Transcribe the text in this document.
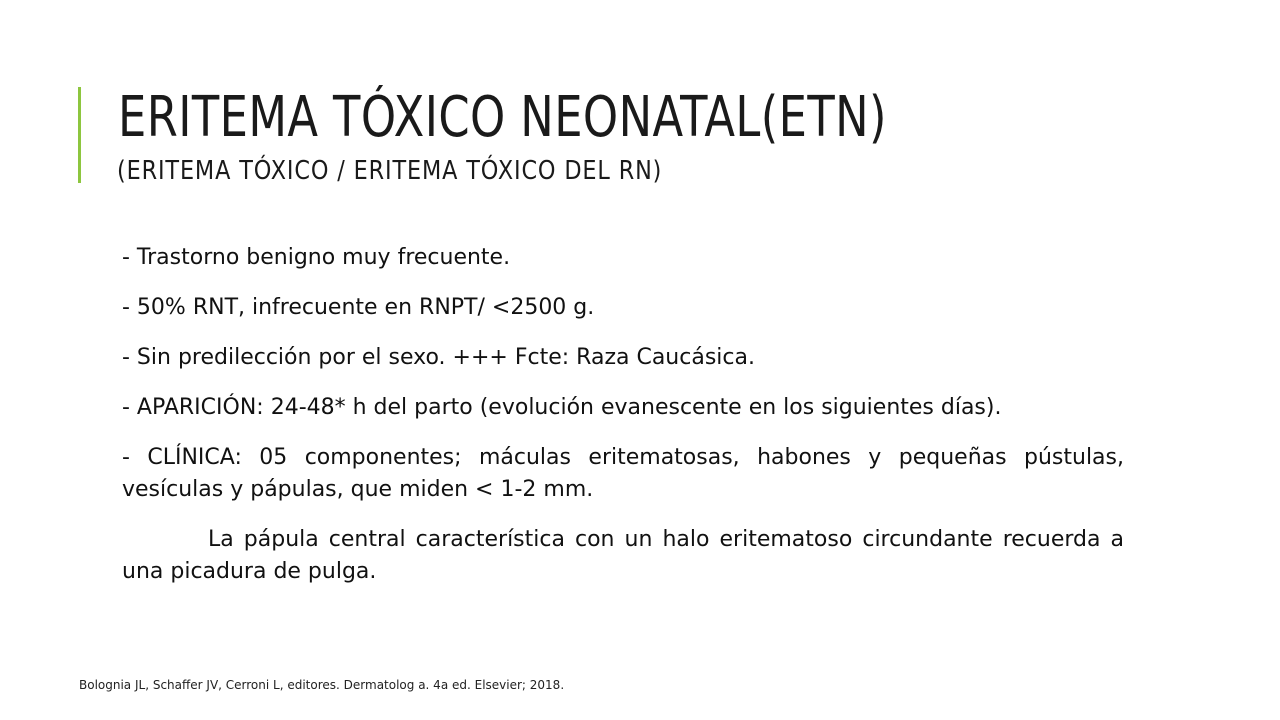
ERITEMA TÓXICO NEONATAL(ETN)
(ERITEMA TÓXICO / ERITEMA TÓXICO DEL RN)

- Trastorno benigno muy frecuente.

- 50% RNT, infrecuente en RNPT/ <2500 g.

- Sin predilección por el sexo. +++ Fcte: Raza Caucásica.

- APARICIÓN: 24-48* h del parto (evolución evanescente en los siguientes días).

- CLÍNICA: 05 componentes; máculas eritematosas, habones y pequeñas pústulas, vesículas y pápulas, que miden < 1-2 mm.

La pápula central característica con un halo eritematoso circundante recuerda a una picadura de pulga.

Bolognia JL, Schaffer JV, Cerroni L, editores. Dermatolog a. 4a ed. Elsevier; 2018.
